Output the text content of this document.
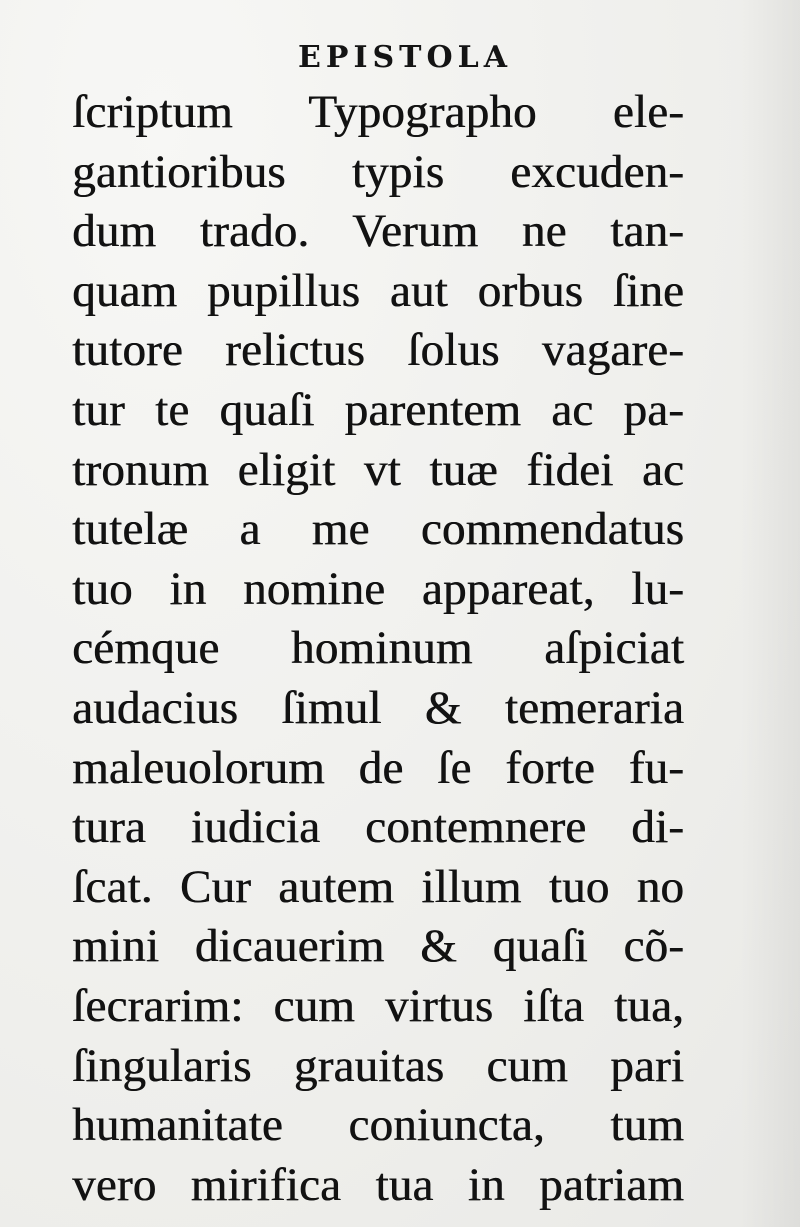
EPISTOLA
ſcriptum Typographo ele-
gantioribus typis excuden-
dum trado. Verum ne tan-
quam pupillus aut orbus ſine
tutore relictus ſolus vagare-
tur te quaſi parentem ac pa-
tronum eligit vt tuæ fidei ac
tutelæ a me commendatus
tuo in nomine appareat, lu-
cémque hominum aſpiciat
audacius ſimul & temeraria
maleuolorum de ſe forte fu-
tura iudicia contemnere di-
ſcat. Cur autem illum tuo no
mini dicauerim & quaſi cõ-
ſecrarim: cum virtus iſta tua,
ſingularis grauitas cum pari
humanitate coniuncta, tum
vero mirifica tua in patriam
